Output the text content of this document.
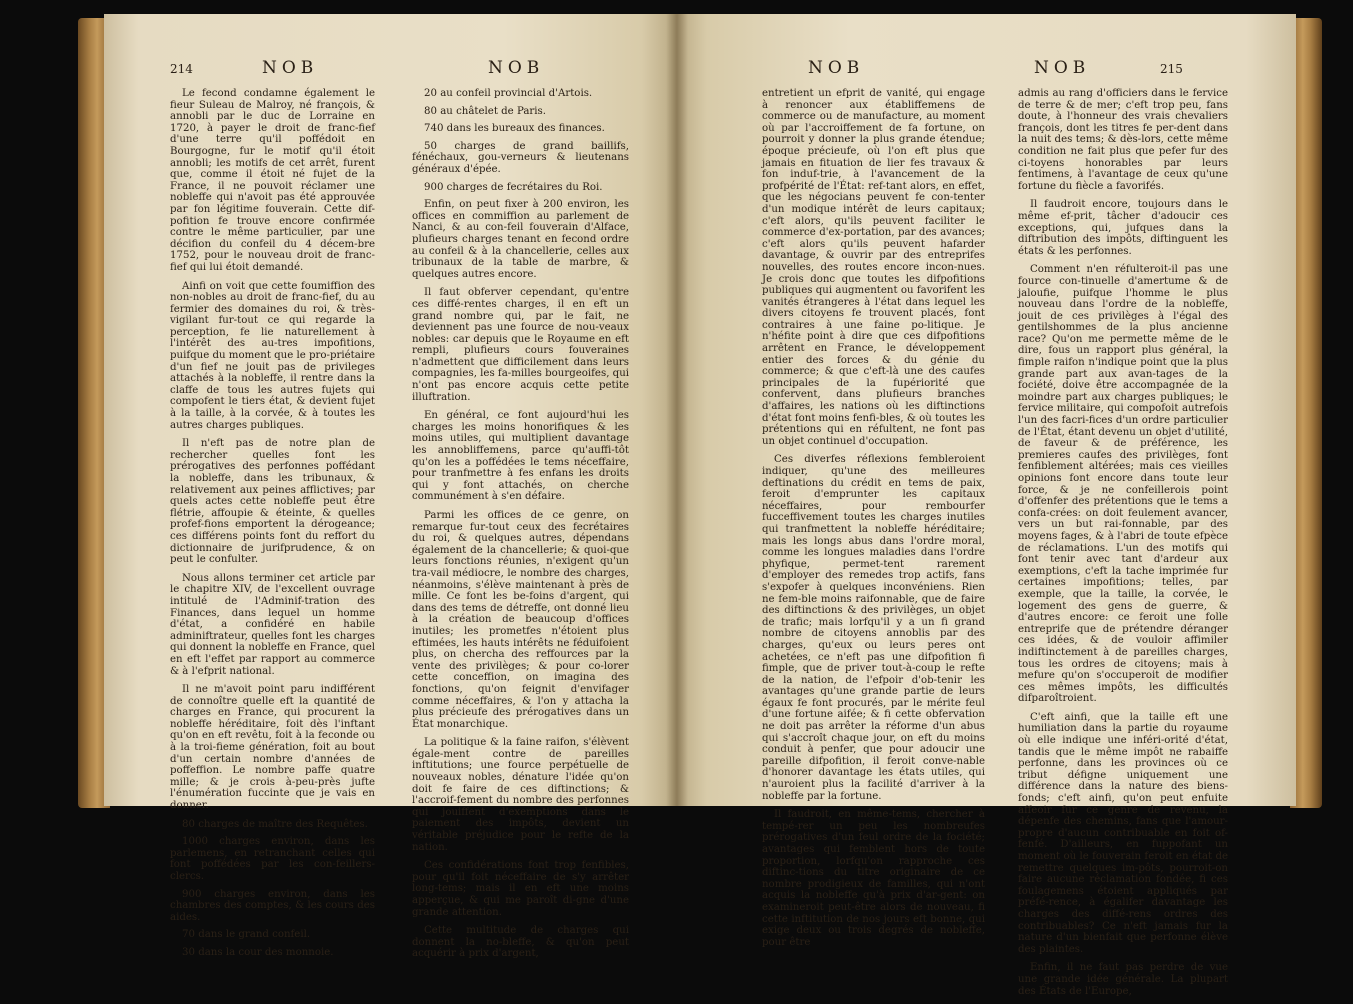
214	NOB	NOB	NOB	NOB	215

Le fecond condamne également le fieur Suleau de Malroy, né françois, & annobli par le duc de Lorraine en 1720, à payer le droit de franc-fief d'une terre qu'il poffédoit en Bourgogne, fur le motif qu'il étoit annobli; les motifs de cet arrêt, furent que, comme il étoit né fujet de la France, il ne pouvoit réclamer une nobleffe qui n'avoit pas été approuvée par fon légitime fouverain. Cette dif-pofition fe trouve encore confirmée contre le même particulier, par une décifion du confeil du 4 décem-bre 1752, pour le nouveau droit de franc-fief qui lui étoit demandé.

Ainfi on voit que cette foumiffion des non-nobles au droit de franc-fief, du au fermier des domaines du roi, & très-vigilant fur-tout ce qui regarde la perception, fe lie naturellement à l'intérêt des au-tres impofitions, puifque du moment que le pro-priétaire d'un fief ne jouit pas de privileges attachés à la nobleffe, il rentre dans la claffe de tous les autres fujets qui compofent le tiers état, & devient fujet à la taille, à la corvée, & à toutes les autres charges publiques.

Il n'eft pas de notre plan de rechercher quelles font les prérogatives des perfonnes poffédant la nobleffe, dans les tribunaux, & relativement aux peines afflictives; par quels actes cette nobleffe peut être flétrie, affoupie & éteinte, & quelles profef-fions emportent la dérogeance; ces différens points font du reffort du dictionnaire de jurifprudence, & on peut le confulter.

Nous allons terminer cet article par le chapitre XIV, de l'excellent ouvrage intitulé de l'Adminif-tration des Finances, dans lequel un homme d'état, a confidéré en habile adminiftrateur, quelles font les charges qui donnent la nobleffe en France, quel en eft l'effet par rapport au commerce & à l'efprit national.

Il ne m'avoit point paru indifférent de connoître quelle eft la quantité de charges en France, qui procurent la nobleffe héréditaire, foit dès l'inftant qu'on en eft revêtu, foit à la feconde ou à la troi-fieme génération, foit au bout d'un certain nombre d'années de poffeffion. Le nombre paffe quatre mille; & je crois à-peu-près jufte l'énumération fuccinte que je vais en donner.

80 charges de maître des Requêtes.

1000 charges environ, dans les parlemens, en retranchant celles qui font poffédées par les con-feillers-clercs.

900 charges environ, dans les chambres des comptes, & les cours des aides.

70 dans le grand confeil.

30 dans la cour des monnoie.

20 au confeil provincial d'Artois.

80 au châtelet de Paris.

740 dans les bureaux des finances.

50 charges de grand baillifs, fénéchaux, gou-verneurs & lieutenans généraux d'épée.

900 charges de fecrétaires du Roi.

Enfin, on peut fixer à 200 environ, les offices en commiffion au parlement de Nanci, & au con-feil fouverain d'Alface, plufieurs charges tenant en fecond ordre au confeil & à la chancellerie, celles aux tribunaux de la table de marbre, & quelques autres encore.

Il faut obferver cependant, qu'entre ces diffé-rentes charges, il en eft un grand nombre qui, par le fait, ne deviennent pas une fource de nou-veaux nobles: car depuis que le Royaume en eft rempli, plufieurs cours fouveraines n'admettent que difficilement dans leurs compagnies, les fa-milles bourgeoifes, qui n'ont pas encore acquis cette petite illuftration.

En général, ce font aujourd'hui les charges les moins honorifiques & les moins utiles, qui multiplient davantage les annobliffemens, parce qu'auffi-tôt qu'on les a poffédées le tems néceffaire, pour tranfmettre à fes enfans les droits qui y font attachés, on cherche communément à s'en défaire.

Parmi les offices de ce genre, on remarque fur-tout ceux des fecrétaires du roi, & quelques autres, dépendans également de la chancellerie; & quoi-que leurs fonctions réunies, n'exigent qu'un tra-vail médiocre, le nombre des charges, néanmoins, s'élève maintenant à près de mille. Ce font les be-foins d'argent, qui dans des tems de détreffe, ont donné lieu à la création de beaucoup d'offices inutiles; les prometfes n'étoient plus eftimées, les hauts intérêts ne féduifoient plus, on chercha des reffources par la vente des privilèges; & pour co-lorer cette conceffion, on imagina des fonctions, qu'on feignit d'envifager comme néceffaires, & l'on y attacha la plus précieufe des prérogatives dans un État monarchique.

La politique & la faine raifon, s'élèvent égale-ment contre de pareilles inftitutions; une fource perpétuelle de nouveaux nobles, dénature l'idée qu'on doit fe faire de ces diftinctions; & l'accroif-fement du nombre des perfonnes qui jouiffent d'exemptions dans le paiement des impôts, devient un véritable préjudice pour le refte de la nation.

Ces confidérations font trop fenfibles, pour qu'il foit néceffaire de s'y arrêter long-tems; mais il en eft une moins apperçue, & qui me paroît di-gne d'une grande attention.

Cette multitude de charges qui donnent la no-bleffe, & qu'on peut acquérir à prix d'argent,

entretient un efprit de vanité, qui engage à renoncer aux établiffemens de commerce ou de manufacture, au moment où par l'accroiffement de fa fortune, on pourroit y donner la plus grande étendue; époque précieufe, où l'on eft plus que jamais en fituation de lier fes travaux & fon induf-trie, à l'avancement de la profpérité de l'État: ref-tant alors, en effet, que les négocians peuvent fe con-tenter d'un modique intérêt de leurs capitaux; c'eft alors, qu'ils peuvent faciliter le commerce d'ex-portation, par des avances; c'eft alors qu'ils peuvent hafarder davantage, & ouvrir par des entreprifes nouvelles, des routes encore incon-nues. Je crois donc que toutes les difpofitions publiques qui augmentent ou favorifent les vanités étrangeres à l'état dans lequel les divers citoyens fe trouvent placés, font contraires à une faine po-litique. Je n'héfite point à dire que ces difpofitions arrêtent en France, le développement entier des forces & du génie du commerce; & que c'eft-là une des caufes principales de la fupériorité que confervent, dans plufieurs branches d'affaires, les nations où les diftinctions d'état font moins fenfi-bles, & où toutes les prétentions qui en réfultent, ne font pas un objet continuel d'occupation.

Ces diverfes réflexions fembleroient indiquer, qu'une des meilleures deftinations du crédit en tems de paix, feroit d'emprunter les capitaux néceffaires, pour rembourfer fucceffivement toutes les charges inutiles qui tranfmettent la nobleffe héréditaire; mais les longs abus dans l'ordre moral, comme les longues maladies dans l'ordre phyfique, permet-tent rarement d'employer des remedes trop actifs, fans s'expofer à quelques inconvéniens. Rien ne fem-ble moins raifonnable, que de faire des diftinctions & des privilèges, un objet de trafic; mais lorfqu'il y a un fi grand nombre de citoyens annoblis par des charges, qu'eux ou leurs peres ont achetées, ce n'eft pas une difpofition fi fimple, que de priver tout-à-coup le refte de la nation, de l'efpoir d'ob-tenir les avantages qu'une grande partie de leurs égaux fe font procurés, par le mérite feul d'une fortune aifée; & fi cette obfervation ne doit pas arrêter la réforme d'un abus qui s'accroît chaque jour, on eft du moins conduit à penfer, que pour adoucir une pareille difpofition, il feroit conve-nable d'honorer davantage les états utiles, qui n'auroient plus la facilité d'arriver à la nobleffe par la fortune.

Il faudroit, en même-tems, chercher à tempé-rer un peu les nombreufes prérogatives d'un feul ordre de la fociété; avantages qui femblent hors de toute proportion, lorfqu'on rapproche ces diftinc-tions du titre originaire de ce nombre prodigieux de familles, qui n'ont acquis la nobleffe qu'à prix d'ar-gent: on examineroit peut-être alors de nouveau, fi cette inftitution de nos jours eft bonne, qui exige deux ou trois degrés de nobleffe, pour être

admis au rang d'officiers dans le fervice de terre & de mer; c'eft trop peu, fans doute, à l'honneur des vrais chevaliers françois, dont les titres fe per-dent dans la nuit des tems; & dès-lors, cette même condition ne fait plus que pefer fur des ci-toyens honorables par leurs fentimens, à l'avantage de ceux qu'une fortune du fiècle a favorifés.

Il faudroit encore, toujours dans le même ef-prit, tâcher d'adoucir ces exceptions, qui, jufques dans la diftribution des impôts, diftinguent les états & les perfonnes.

Comment n'en réfulteroit-il pas une fource con-tinuelle d'amertume & de jaloufie, puifque l'homme le plus nouveau dans l'ordre de la nobleffe, jouit de ces privilèges à l'égal des gentilshommes de la plus ancienne race? Qu'on me permette même de le dire, fous un rapport plus général, la fimple raifon n'indique point que la plus grande part aux avan-tages de la fociété, doive être accompagnée de la moindre part aux charges publiques; le fervice militaire, qui compofoit autrefois l'un des facri-fices d'un ordre particulier de l'État, étant devenu un objet d'utilité, de faveur & de préférence, les premieres caufes des privilèges, font fenfiblement altérées; mais ces vieilles opinions font encore dans toute leur force, & je ne confeillerois point d'offenfer des prétentions que le tems a confa-crées: on doit feulement avancer, vers un but rai-fonnable, par des moyens fages, & à l'abri de toute efpèce de réclamations. L'un des motifs qui font tenir avec tant d'ardeur aux exemptions, c'eft la tache imprimée fur certaines impofitions; telles, par exemple, que la taille, la corvée, le logement des gens de guerre, & d'autres encore: ce feroit une folle entreprife que de prétendre déranger ces idées, & de vouloir affimiler indiftinctement à de pareilles charges, tous les ordres de citoyens; mais à mefure qu'on s'occuperoit de modifier ces mêmes impôts, les difficultés difparoîtroient.

C'eft ainfi, que la taille eft une humiliation dans la partie du royaume où elle indique une inféri-orité d'état, tandis que le même impôt ne rabaiffe perfonne, dans les provinces où ce tribut défigne uniquement une différence dans la nature des biens-fonds; c'eft ainfi, qu'on peut enfuite affeoir fur ce genre de revenu, la dépenfe des chemins, fans que l'amour-propre d'aucun contribuable en foit of-fenfé. D'ailleurs, en fuppofant un moment où le fouverain feroit en état de remettre quelques im-pôts, pourroit-on faire aucune réclamation fondée, fi ces foulagemens étoient appliqués par préfé-rence, à égalifer davantage les charges des diffé-rens ordres des contribuables? Ce n'eft jamais fur la nature d'un bienfait que perfonne élève des plaintes.

Enfin, il ne faut pas perdre de vue une grande idée générale. La plupart des États de l'Europe,
